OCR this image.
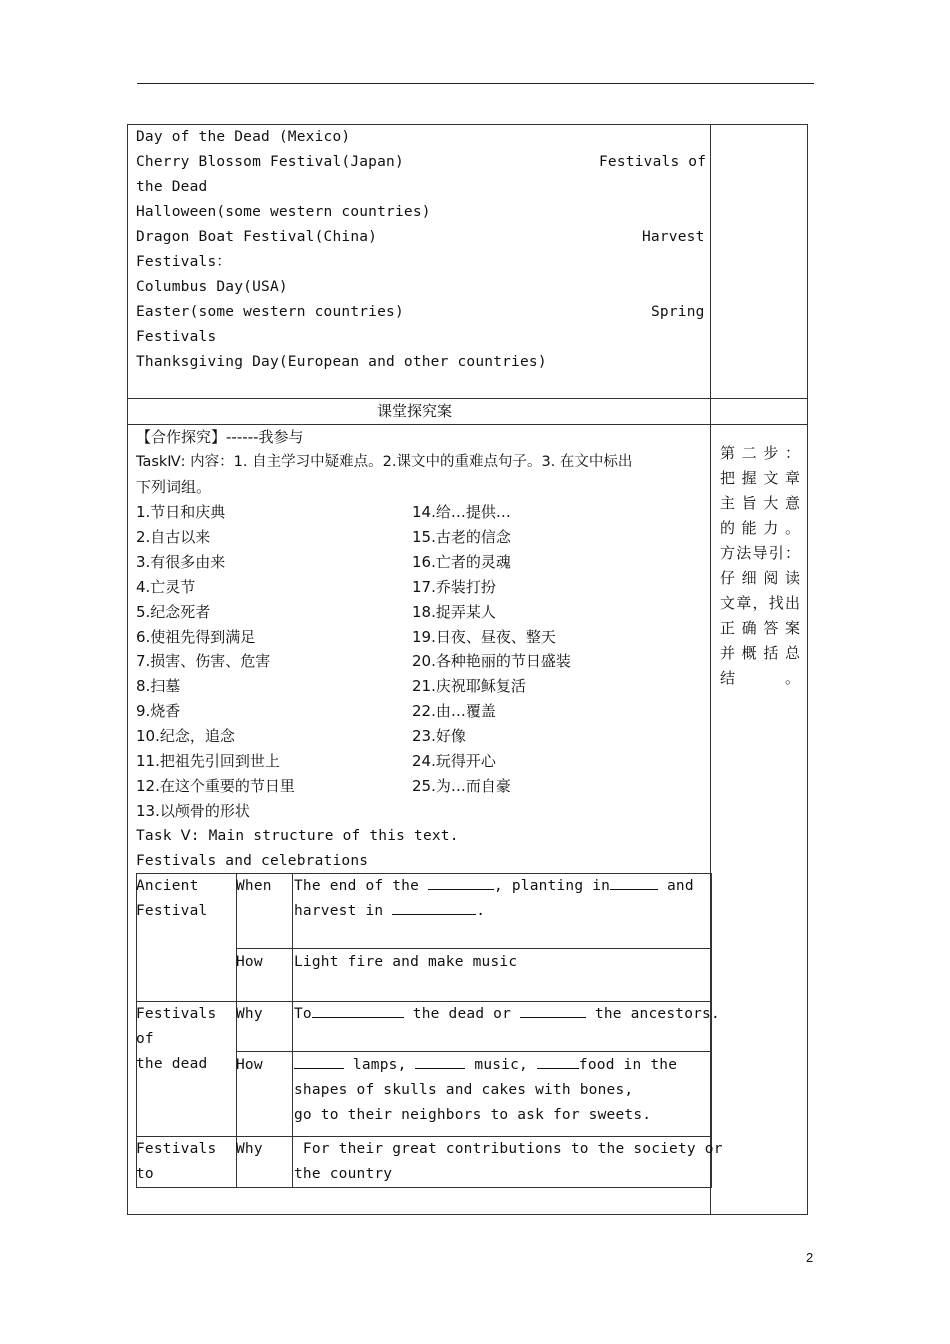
Day of the Dead (Mexico)
Cherry Blossom Festival(Japan)	Festivals of
the Dead
Halloween(some western countries)
Dragon Boat Festival(China)	Harvest
Festivals：
Columbus Day(USA)
Easter(some western countries)	Spring
Festivals
Thanksgiving Day(European and other countries)
课堂探究案
【合作探究】------我参与
TaskⅣ: 内容：1. 自主学习中疑难点。2.课文中的重难点句子。3. 在文中标出
下列词组。
1.节日和庆典
2.自古以来
3.有很多由来
4.亡灵节
5.纪念死者
6.使祖先得到满足
7.损害、伤害、危害
8.扫墓
9.烧香
10.纪念，追念
11.把祖先引回到世上
12.在这个重要的节日里
13.以颅骨的形状
14.给…提供…
15.古老的信念
16.亡者的灵魂
17.乔装打扮
18.捉弄某人
19.日夜、昼夜、整天
20.各种艳丽的节日盛装
21.庆祝耶稣复活
22.由…覆盖
23.好像
24.玩得开心
25.为…而自豪
Task Ⅴ: Main structure of this text.
Festivals and celebrations
Ancient
Festival
When The end of the	, planting in	and
harvest in	.
How Light fire and make music
Festivals
of
the dead
Why To	the dead or	the ancestors.
How	lamps,	music,	food in the
shapes of skulls and cakes with bones,
go to their neighbors to ask for sweets.
Festivals
to
Why For their great contributions to the society or
the country
第二步：
把 握 文 章
主 旨 大 意
的能力。
方法导引：
仔 细 阅 读
文 章 ， 找 出
正 确 答 案
并 概 括 总
结。
2
